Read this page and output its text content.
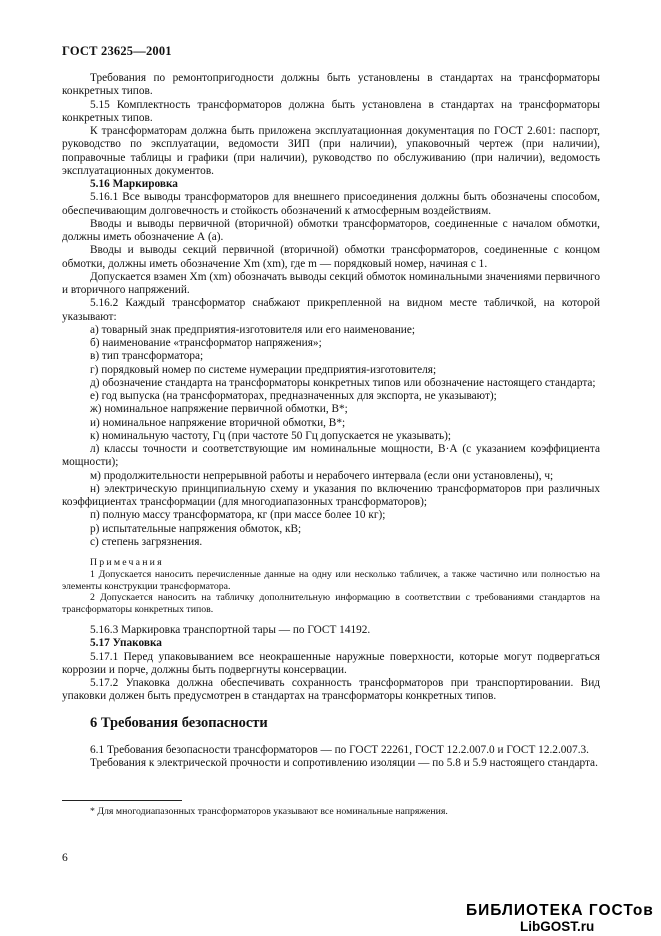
ГОСТ 23625—2001

Требования по ремонтопригодности должны быть установлены в стандартах на трансформаторы конкретных типов.

5.15 Комплектность трансформаторов должна быть установлена в стандартах на трансформаторы конкретных типов.

К трансформаторам должна быть приложена эксплуатационная документация по ГОСТ 2.601: паспорт, руководство по эксплуатации, ведомости ЗИП (при наличии), упаковочный чертеж (при наличии), поправочные таблицы и графики (при наличии), руководство по обслуживанию (при наличии), ведомость эксплуатационных документов.

5.16 Маркировка

5.16.1 Все выводы трансформаторов для внешнего присоединения должны быть обозначены способом, обеспечивающим долговечность и стойкость обозначений к атмосферным воздействиям.

Вводы и выводы первичной (вторичной) обмотки трансформаторов, соединенные с началом обмотки, должны иметь обозначение А (а).

Вводы и выводы секций первичной (вторичной) обмотки трансформаторов, соединенные с концом обмотки, должны иметь обозначение Xm (xm), где m — порядковый номер, начиная с 1.

Допускается взамен Xm (xm) обозначать выводы секций обмоток номинальными значениями первичного и вторичного напряжений.

5.16.2 Каждый трансформатор снабжают прикрепленной на видном месте табличкой, на которой указывают:

а) товарный знак предприятия-изготовителя или его наименование;

б) наименование «трансформатор напряжения»;

в) тип трансформатора;

г) порядковый номер по системе нумерации предприятия-изготовителя;

д) обозначение стандарта на трансформаторы конкретных типов или обозначение настоящего стандарта;

е) год выпуска (на трансформаторах, предназначенных для экспорта, не указывают);

ж) номинальное напряжение первичной обмотки, В*;

и) номинальное напряжение вторичной обмотки, В*;

к) номинальную частоту, Гц (при частоте 50 Гц допускается не указывать);

л) классы точности и соответствующие им номинальные мощности, В·А (с указанием коэффициента мощности);

м) продолжительности непрерывной работы и нерабочего интервала (если они установлены), ч;

н) электрическую принципиальную схему и указания по включению трансформаторов при различных коэффициентах трансформации (для многодиапазонных трансформаторов);

п) полную массу трансформатора, кг (при массе более 10 кг);

р) испытательные напряжения обмоток, кВ;

с) степень загрязнения.

Примечания

1 Допускается наносить перечисленные данные на одну или несколько табличек, а также частично или полностью на элементы конструкции трансформатора.

2 Допускается наносить на табличку дополнительную информацию в соответствии с требованиями стандартов на трансформаторы конкретных типов.

5.16.3 Маркировка транспортной тары — по ГОСТ 14192.

5.17 Упаковка

5.17.1 Перед упаковыванием все неокрашенные наружные поверхности, которые могут подвергаться коррозии и порче, должны быть подвергнуты консервации.

5.17.2 Упаковка должна обеспечивать сохранность трансформаторов при транспортировании. Вид упаковки должен быть предусмотрен в стандартах на трансформаторы конкретных типов.

6 Требования безопасности

6.1 Требования безопасности трансформаторов — по ГОСТ 22261, ГОСТ 12.2.007.0 и ГОСТ 12.2.007.3.

Требования к электрической прочности и сопротивлению изоляции — по 5.8 и 5.9 настоящего стандарта.

* Для многодиапазонных трансформаторов указывают все номинальные напряжения.
6
БИБЛИОТЕКА ГОСТов
LibGOST.ru
